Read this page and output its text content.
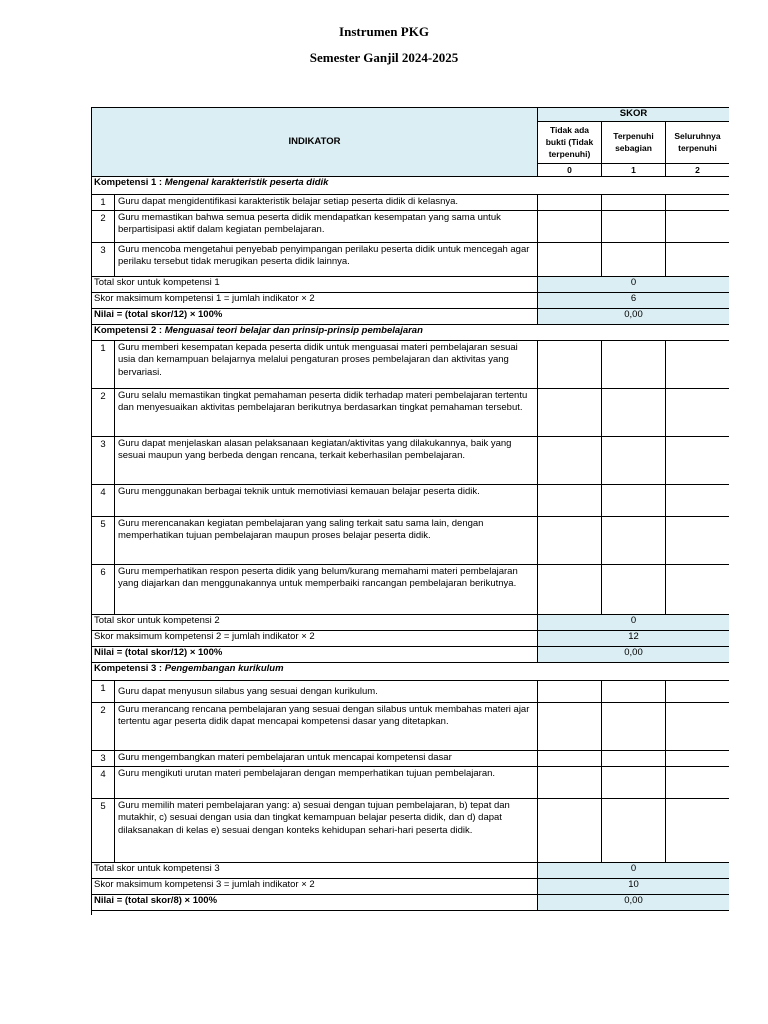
Instrumen PKG
Semester Ganjil 2024-2025
INDIKATOR		SKOR		
		Tidak ada bukti (Tidak terpenuhi)	Terpenuhi sebagian	Seluruhnya terpenuhi
		0	1	2
Kompetensi 1 : Mengenal karakteristik peserta didik				
1	Guru dapat mengidentifikasi karakteristik belajar setiap peserta didik di kelasnya.			
2	Guru memastikan bahwa semua peserta didik mendapatkan kesempatan yang sama untuk berpartisipasi aktif dalam kegiatan pembelajaran.			
3	Guru mencoba mengetahui penyebab penyimpangan perilaku peserta didik untuk mencegah agar perilaku tersebut tidak merugikan peserta didik lainnya.			
Total skor untuk kompetensi 1		0		
Skor maksimum kompetensi 1 = jumlah indikator × 2		6		
Nilai = (total skor/12) × 100%		0,00		
Kompetensi 2 : Menguasai teori belajar dan prinsip-prinsip pembelajaran				
1	Guru memberi kesempatan kepada peserta didik untuk menguasai materi pembelajaran sesuai usia dan kemampuan belajarnya melalui pengaturan proses pembelajaran dan aktivitas yang bervariasi.			
2	Guru selalu memastikan tingkat pemahaman peserta didik terhadap materi pembelajaran tertentu dan menyesuaikan aktivitas pembelajaran berikutnya berdasarkan tingkat pemahaman tersebut.			
3	Guru dapat menjelaskan alasan pelaksanaan kegiatan/aktivitas yang dilakukannya, baik yang sesuai maupun yang berbeda dengan rencana, terkait keberhasilan pembelajaran.			
4	Guru menggunakan berbagai teknik untuk memotiviasi kemauan belajar peserta didik.			
5	Guru merencanakan kegiatan pembelajaran yang saling terkait satu sama lain, dengan memperhatikan tujuan pembelajaran maupun proses belajar peserta didik.			
6	Guru memperhatikan respon peserta didik yang belum/kurang memahami materi pembelajaran yang diajarkan dan menggunakannya untuk memperbaiki rancangan pembelajaran berikutnya.			
Total skor untuk kompetensi 2		0		
Skor maksimum kompetensi 2 = jumlah indikator × 2		12		
Nilai = (total skor/12) × 100%		0,00		
Kompetensi 3 : Pengembangan kurikulum				
1	Guru dapat menyusun silabus yang sesuai dengan kurikulum.			
2	Guru merancang rencana pembelajaran yang sesuai dengan silabus untuk membahas materi ajar tertentu agar peserta didik dapat mencapai kompetensi dasar yang ditetapkan.			
3	Guru mengembangkan materi pembelajaran untuk mencapai kompetensi dasar			
4	Guru mengikuti urutan materi pembelajaran dengan memperhatikan tujuan pembelajaran.			
5	Guru memilih materi pembelajaran yang: a) sesuai dengan tujuan pembelajaran, b) tepat dan mutakhir, c) sesuai dengan usia dan tingkat kemampuan belajar peserta didik, dan d) dapat dilaksanakan di kelas e) sesuai dengan konteks kehidupan sehari-hari peserta didik.			
Total skor untuk kompetensi 3		0		
Skor maksimum kompetensi 3 = jumlah indikator × 2		10		
Nilai = (total skor/8) × 100%		0,00		
